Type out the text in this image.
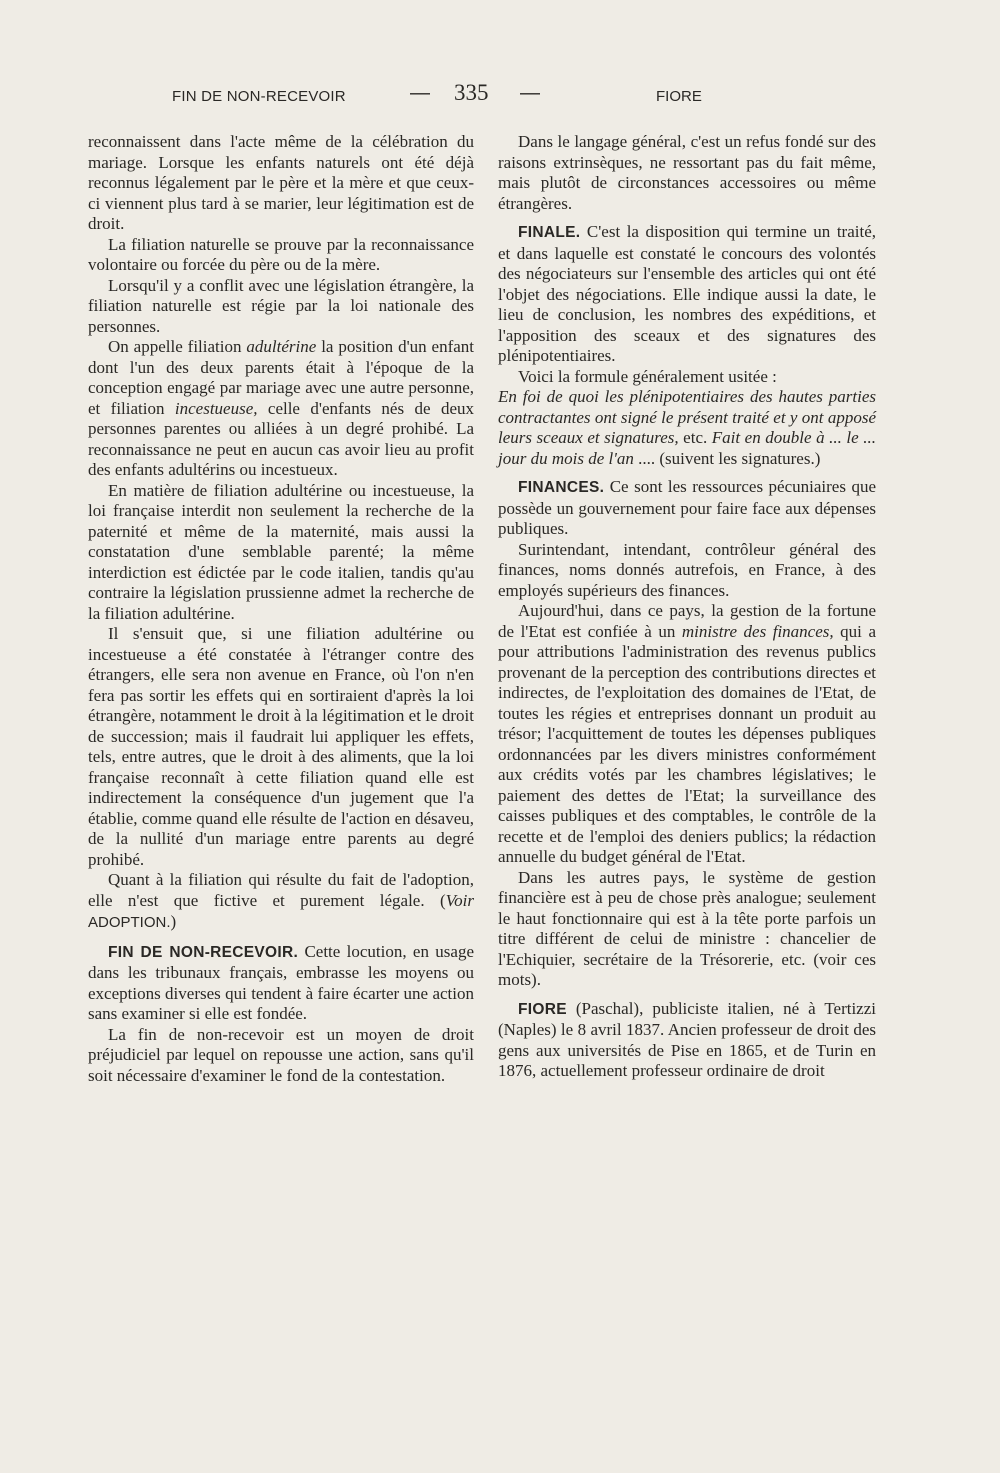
FIN DE NON-RECEVOIR	— 335 —	FIORE

reconnaissent dans l'acte même de la célébration du mariage. Lorsque les enfants naturels ont été déjà reconnus légalement par le père et la mère et que ceux-ci viennent plus tard à se marier, leur légitimation est de droit.

La filiation naturelle se prouve par la reconnaissance volontaire ou forcée du père ou de la mère.

Lorsqu'il y a conflit avec une législation étrangère, la filiation naturelle est régie par la loi nationale des personnes.

On appelle filiation adultérine la position d'un enfant dont l'un des deux parents était à l'époque de la conception engagé par mariage avec une autre personne, et filiation incestueuse, celle d'enfants nés de deux personnes parentes ou alliées à un degré prohibé. La reconnaissance ne peut en aucun cas avoir lieu au profit des enfants adultérins ou incestueux.

En matière de filiation adultérine ou incestueuse, la loi française interdit non seulement la recherche de la paternité et même de la maternité, mais aussi la constatation d'une semblable parenté; la même interdiction est édictée par le code italien, tandis qu'au contraire la législation prussienne admet la recherche de la filiation adultérine.

Il s'ensuit que, si une filiation adultérine ou incestueuse a été constatée à l'étranger contre des étrangers, elle sera non avenue en France, où l'on n'en fera pas sortir les effets qui en sortiraient d'après la loi étrangère, notamment le droit à la légitimation et le droit de succession; mais il faudrait lui appliquer les effets, tels, entre autres, que le droit à des aliments, que la loi française reconnaît à cette filiation quand elle est indirectement la conséquence d'un jugement que l'a établie, comme quand elle résulte de l'action en désaveu, de la nullité d'un mariage entre parents au degré prohibé.

Quant à la filiation qui résulte du fait de l'adoption, elle n'est que fictive et purement légale. (Voir ADOPTION.)

FIN DE NON-RECEVOIR. Cette locution, en usage dans les tribunaux français, embrasse les moyens ou exceptions diverses qui tendent à faire écarter une action sans examiner si elle est fondée.

La fin de non-recevoir est un moyen de droit préjudiciel par lequel on repousse une action, sans qu'il soit nécessaire d'examiner le fond de la contestation.

Dans le langage général, c'est un refus fondé sur des raisons extrinsèques, ne ressortant pas du fait même, mais plutôt de circonstances accessoires ou même étrangères.

FINALE. C'est la disposition qui termine un traité, et dans laquelle est constaté le concours des volontés des négociateurs sur l'ensemble des articles qui ont été l'objet des négociations. Elle indique aussi la date, le lieu de conclusion, les nombres des expéditions, et l'apposition des sceaux et des signatures des plénipotentiaires.

Voici la formule généralement usitée :

En foi de quoi les plénipotentiaires des hautes parties contractantes ont signé le présent traité et y ont apposé leurs sceaux et signatures, etc. Fait en double à ... le ... jour du mois de l'an .... (suivent les signatures.)

FINANCES. Ce sont les ressources pécuniaires que possède un gouvernement pour faire face aux dépenses publiques.

Surintendant, intendant, contrôleur général des finances, noms donnés autrefois, en France, à des employés supérieurs des finances.

Aujourd'hui, dans ce pays, la gestion de la fortune de l'Etat est confiée à un ministre des finances, qui a pour attributions l'administration des revenus publics provenant de la perception des contributions directes et indirectes, de l'exploitation des domaines de l'Etat, de toutes les régies et entreprises donnant un produit au trésor; l'acquittement de toutes les dépenses publiques ordonnancées par les divers ministres conformément aux crédits votés par les chambres législatives; le paiement des dettes de l'Etat; la surveillance des caisses publiques et des comptables, le contrôle de la recette et de l'emploi des deniers publics; la rédaction annuelle du budget général de l'Etat.

Dans les autres pays, le système de gestion financière est à peu de chose près analogue; seulement le haut fonctionnaire qui est à la tête porte parfois un titre différent de celui de ministre : chancelier de l'Echiquier, secrétaire de la Trésorerie, etc. (voir ces mots).

FIORE (Paschal), publiciste italien, né à Tertizzi (Naples) le 8 avril 1837. Ancien professeur de droit des gens aux universités de Pise en 1865, et de Turin en 1876, actuellement professeur ordinaire de droit
